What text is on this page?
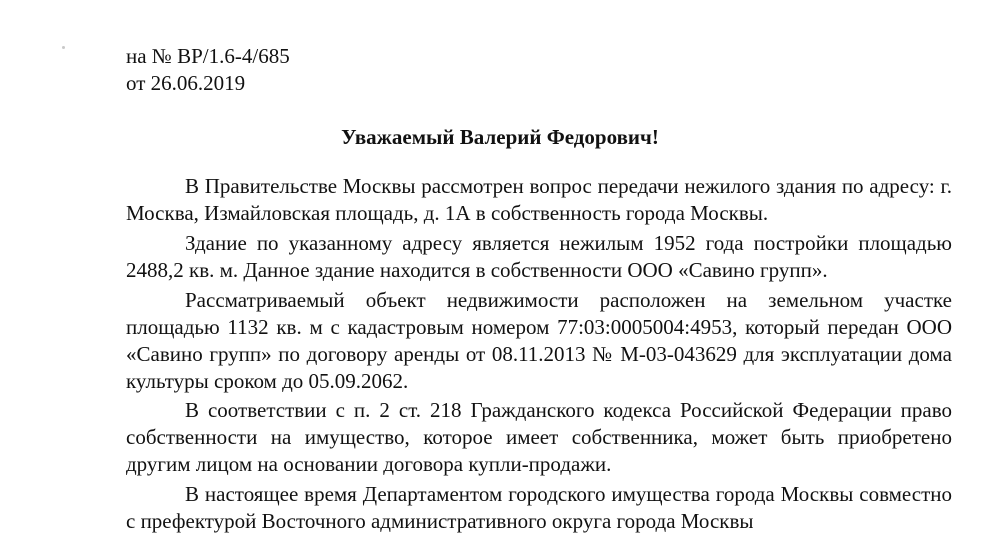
на № ВР/1.6-4/685
от 26.06.2019
Уважаемый Валерий Федорович!

В Правительстве Москвы рассмотрен вопрос передачи нежилого здания по адресу: г. Москва, Измайловская площадь, д. 1А в собственность города Москвы.

Здание по указанному адресу является нежилым 1952 года постройки площадью 2488,2 кв. м. Данное здание находится в собственности ООО «Савино групп».

Рассматриваемый объект недвижимости расположен на земельном участке площадью 1132 кв. м с кадастровым номером 77:03:0005004:4953, который передан ООО «Савино групп» по договору аренды от 08.11.2013 № М-03-043629 для эксплуатации дома культуры сроком до 05.09.2062.

В соответствии с п. 2 ст. 218 Гражданского кодекса Российской Федерации право собственности на имущество, которое имеет собственника, может быть приобретено другим лицом на основании договора купли-продажи.

В настоящее время Департаментом городского имущества города Москвы совместно с префектурой Восточного административного округа города Москвы
